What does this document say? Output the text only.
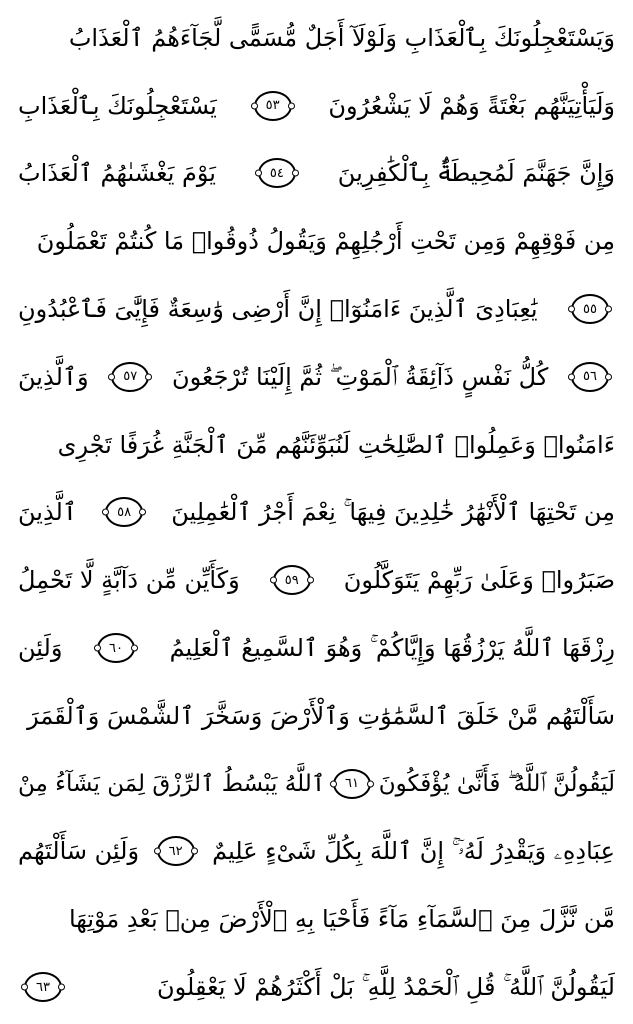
وَيَسْتَعْجِلُونَكَ بِٱلْعَذَابِ وَلَوْلَآ أَجَلٌ مُّسَمًّى لَّجَآءَهُمُ ٱلْعَذَابُ
وَلَيَأْتِيَنَّهُم بَغْتَةً وَهُمْ لَا يَشْعُرُونَ
٥٣
يَسْتَعْجِلُونَكَ بِٱلْعَذَابِ
وَإِنَّ جَهَنَّمَ لَمُحِيطَةٌۢ بِٱلْكَٰفِرِينَ
٥٤
يَوْمَ يَغْشَىٰهُمُ ٱلْعَذَابُ
مِن فَوْقِهِمْ وَمِن تَحْتِ أَرْجُلِهِمْ وَيَقُولُ ذُوقُوا۟ مَا كُنتُمْ تَعْمَلُونَ
٥٥
يَٰعِبَادِىَ ٱلَّذِينَ ءَامَنُوٓا۟ إِنَّ أَرْضِى وَٰسِعَةٌ فَإِيَّٰىَ فَٱعْبُدُونِ
٥٦
كُلُّ نَفْسٍ ذَآئِقَةُ ٱلْمَوْتِ ۖ ثُمَّ إِلَيْنَا تُرْجَعُونَ
٥٧
وَٱلَّذِينَ
ءَامَنُوا۟ وَعَمِلُوا۟ ٱلصَّٰلِحَٰتِ لَنُبَوِّئَنَّهُم مِّنَ ٱلْجَنَّةِ غُرَفًا تَجْرِى
مِن تَحْتِهَا ٱلْأَنْهَٰرُ خَٰلِدِينَ فِيهَا ۚ نِعْمَ أَجْرُ ٱلْعَٰمِلِينَ
٥٨
ٱلَّذِينَ
صَبَرُوا۟ وَعَلَىٰ رَبِّهِمْ يَتَوَكَّلُونَ
٥٩
وَكَأَيِّن مِّن دَآبَّةٍ لَّا تَحْمِلُ
رِزْقَهَا ٱللَّهُ يَرْزُقُهَا وَإِيَّاكُمْ ۚ وَهُوَ ٱلسَّمِيعُ ٱلْعَلِيمُ
٦٠
وَلَئِن
سَأَلْتَهُم مَّنْ خَلَقَ ٱلسَّمَٰوَٰتِ وَٱلْأَرْضَ وَسَخَّرَ ٱلشَّمْسَ وَٱلْقَمَرَ
لَيَقُولُنَّ ٱللَّهُ ۖ فَأَنَّىٰ يُؤْفَكُونَ
٦١
ٱللَّهُ يَبْسُطُ ٱلرِّزْقَ لِمَن يَشَآءُ مِنْ
عِبَادِهِۦ وَيَقْدِرُ لَهُۥٓ ۚ إِنَّ ٱللَّهَ بِكُلِّ شَىْءٍ عَلِيمٌ
٦٢
وَلَئِن سَأَلْتَهُم
مَّن نَّزَّلَ مِنَ ٱلسَّمَآءِ مَآءً فَأَحْيَا بِهِ ٱلْأَرْضَ مِنۢ بَعْدِ مَوْتِهَا
لَيَقُولُنَّ ٱللَّهُ ۚ قُلِ ٱلْحَمْدُ لِلَّهِ ۚ بَلْ أَكْثَرُهُمْ لَا يَعْقِلُونَ
٦٣
